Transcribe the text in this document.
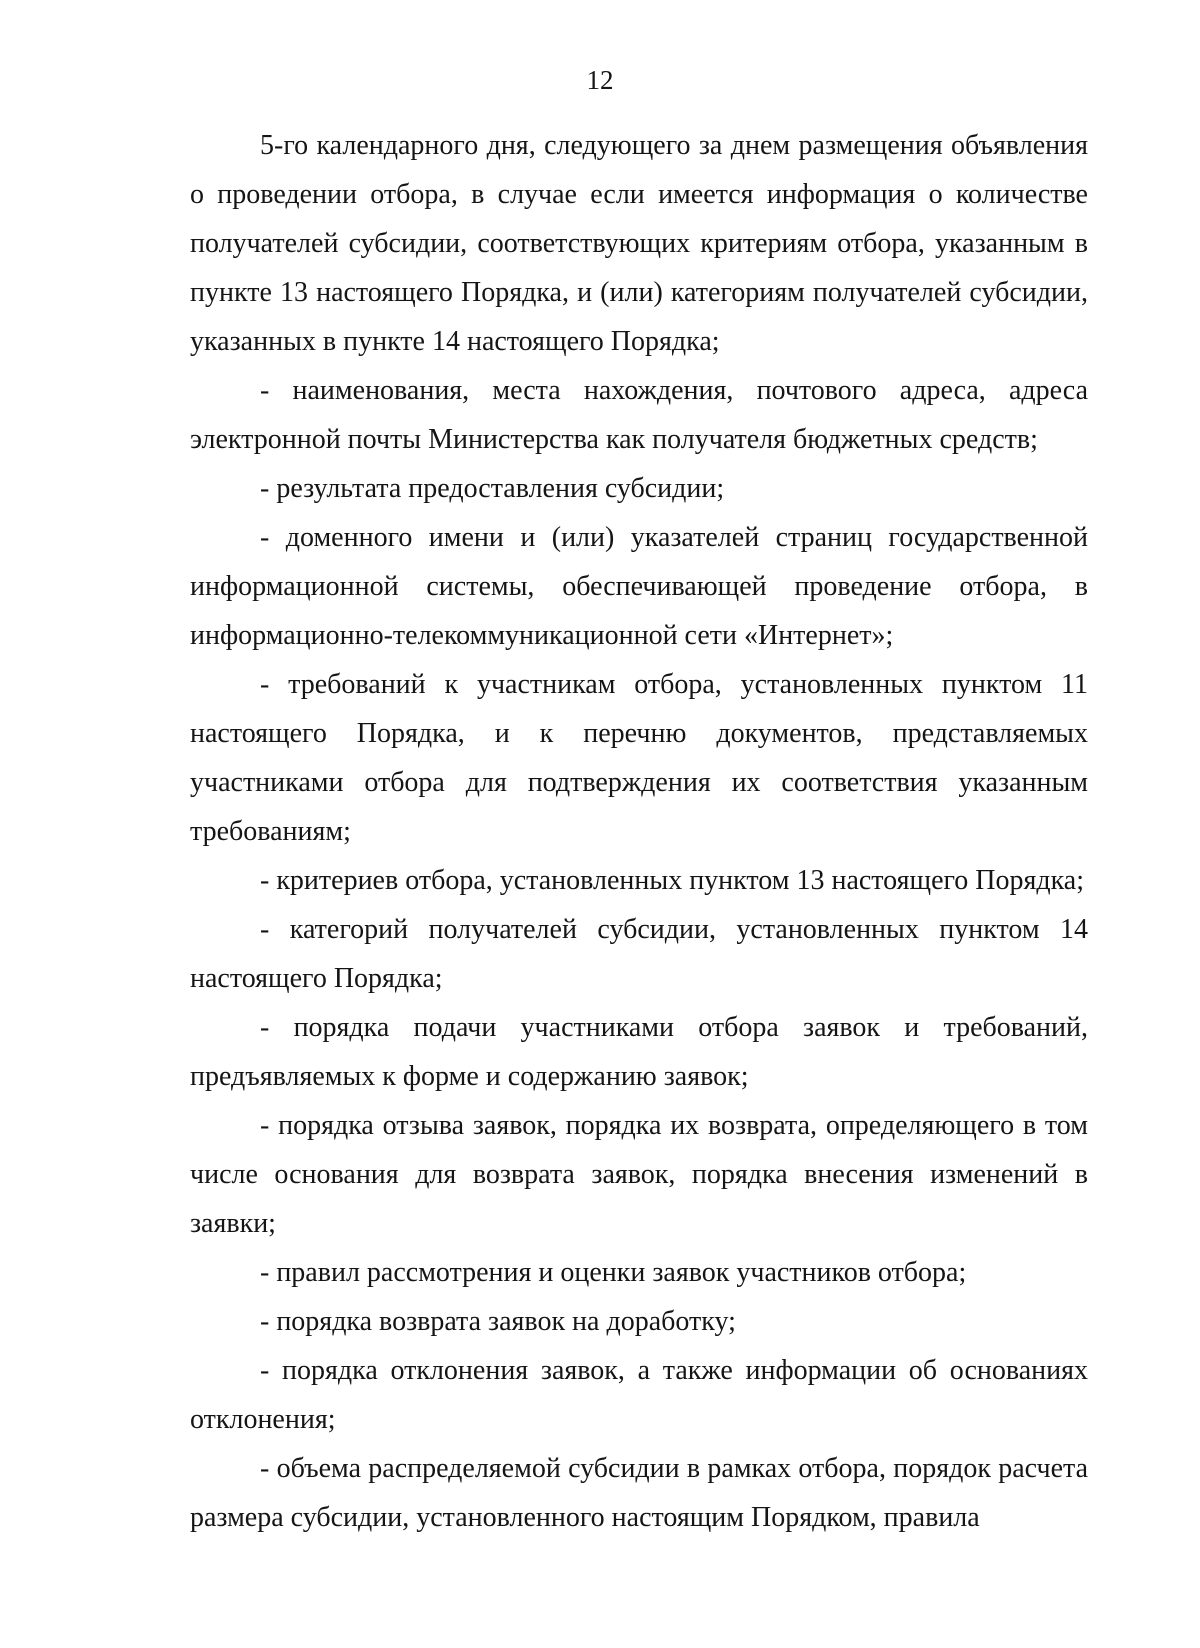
12

5-го календарного дня, следующего за днем размещения объявления о проведении отбора, в случае если имеется информация о количестве получателей субсидии, соответствующих критериям отбора, указанным в пункте 13 настоящего Порядка, и (или) категориям получателей субсидии, указанных в пункте 14 настоящего Порядка;

- наименования, места нахождения, почтового адреса, адреса электронной почты Министерства как получателя бюджетных средств;

- результата предоставления субсидии;

- доменного имени и (или) указателей страниц государственной информационной системы, обеспечивающей проведение отбора, в информационно-телекоммуникационной сети «Интернет»;

- требований к участникам отбора, установленных пунктом 11 настоящего Порядка, и к перечню документов, представляемых участниками отбора для подтверждения их соответствия указанным требованиям;

- критериев отбора, установленных пунктом 13 настоящего Порядка;

- категорий получателей субсидии, установленных пунктом 14 настоящего Порядка;

- порядка подачи участниками отбора заявок и требований, предъявляемых к форме и содержанию заявок;

- порядка отзыва заявок, порядка их возврата, определяющего в том числе основания для возврата заявок, порядка внесения изменений в заявки;

- правил рассмотрения и оценки заявок участников отбора;

- порядка возврата заявок на доработку;

- порядка отклонения заявок, а также информации об основаниях отклонения;

- объема распределяемой субсидии в рамках отбора, порядок расчета размера субсидии, установленного настоящим Порядком, правила
